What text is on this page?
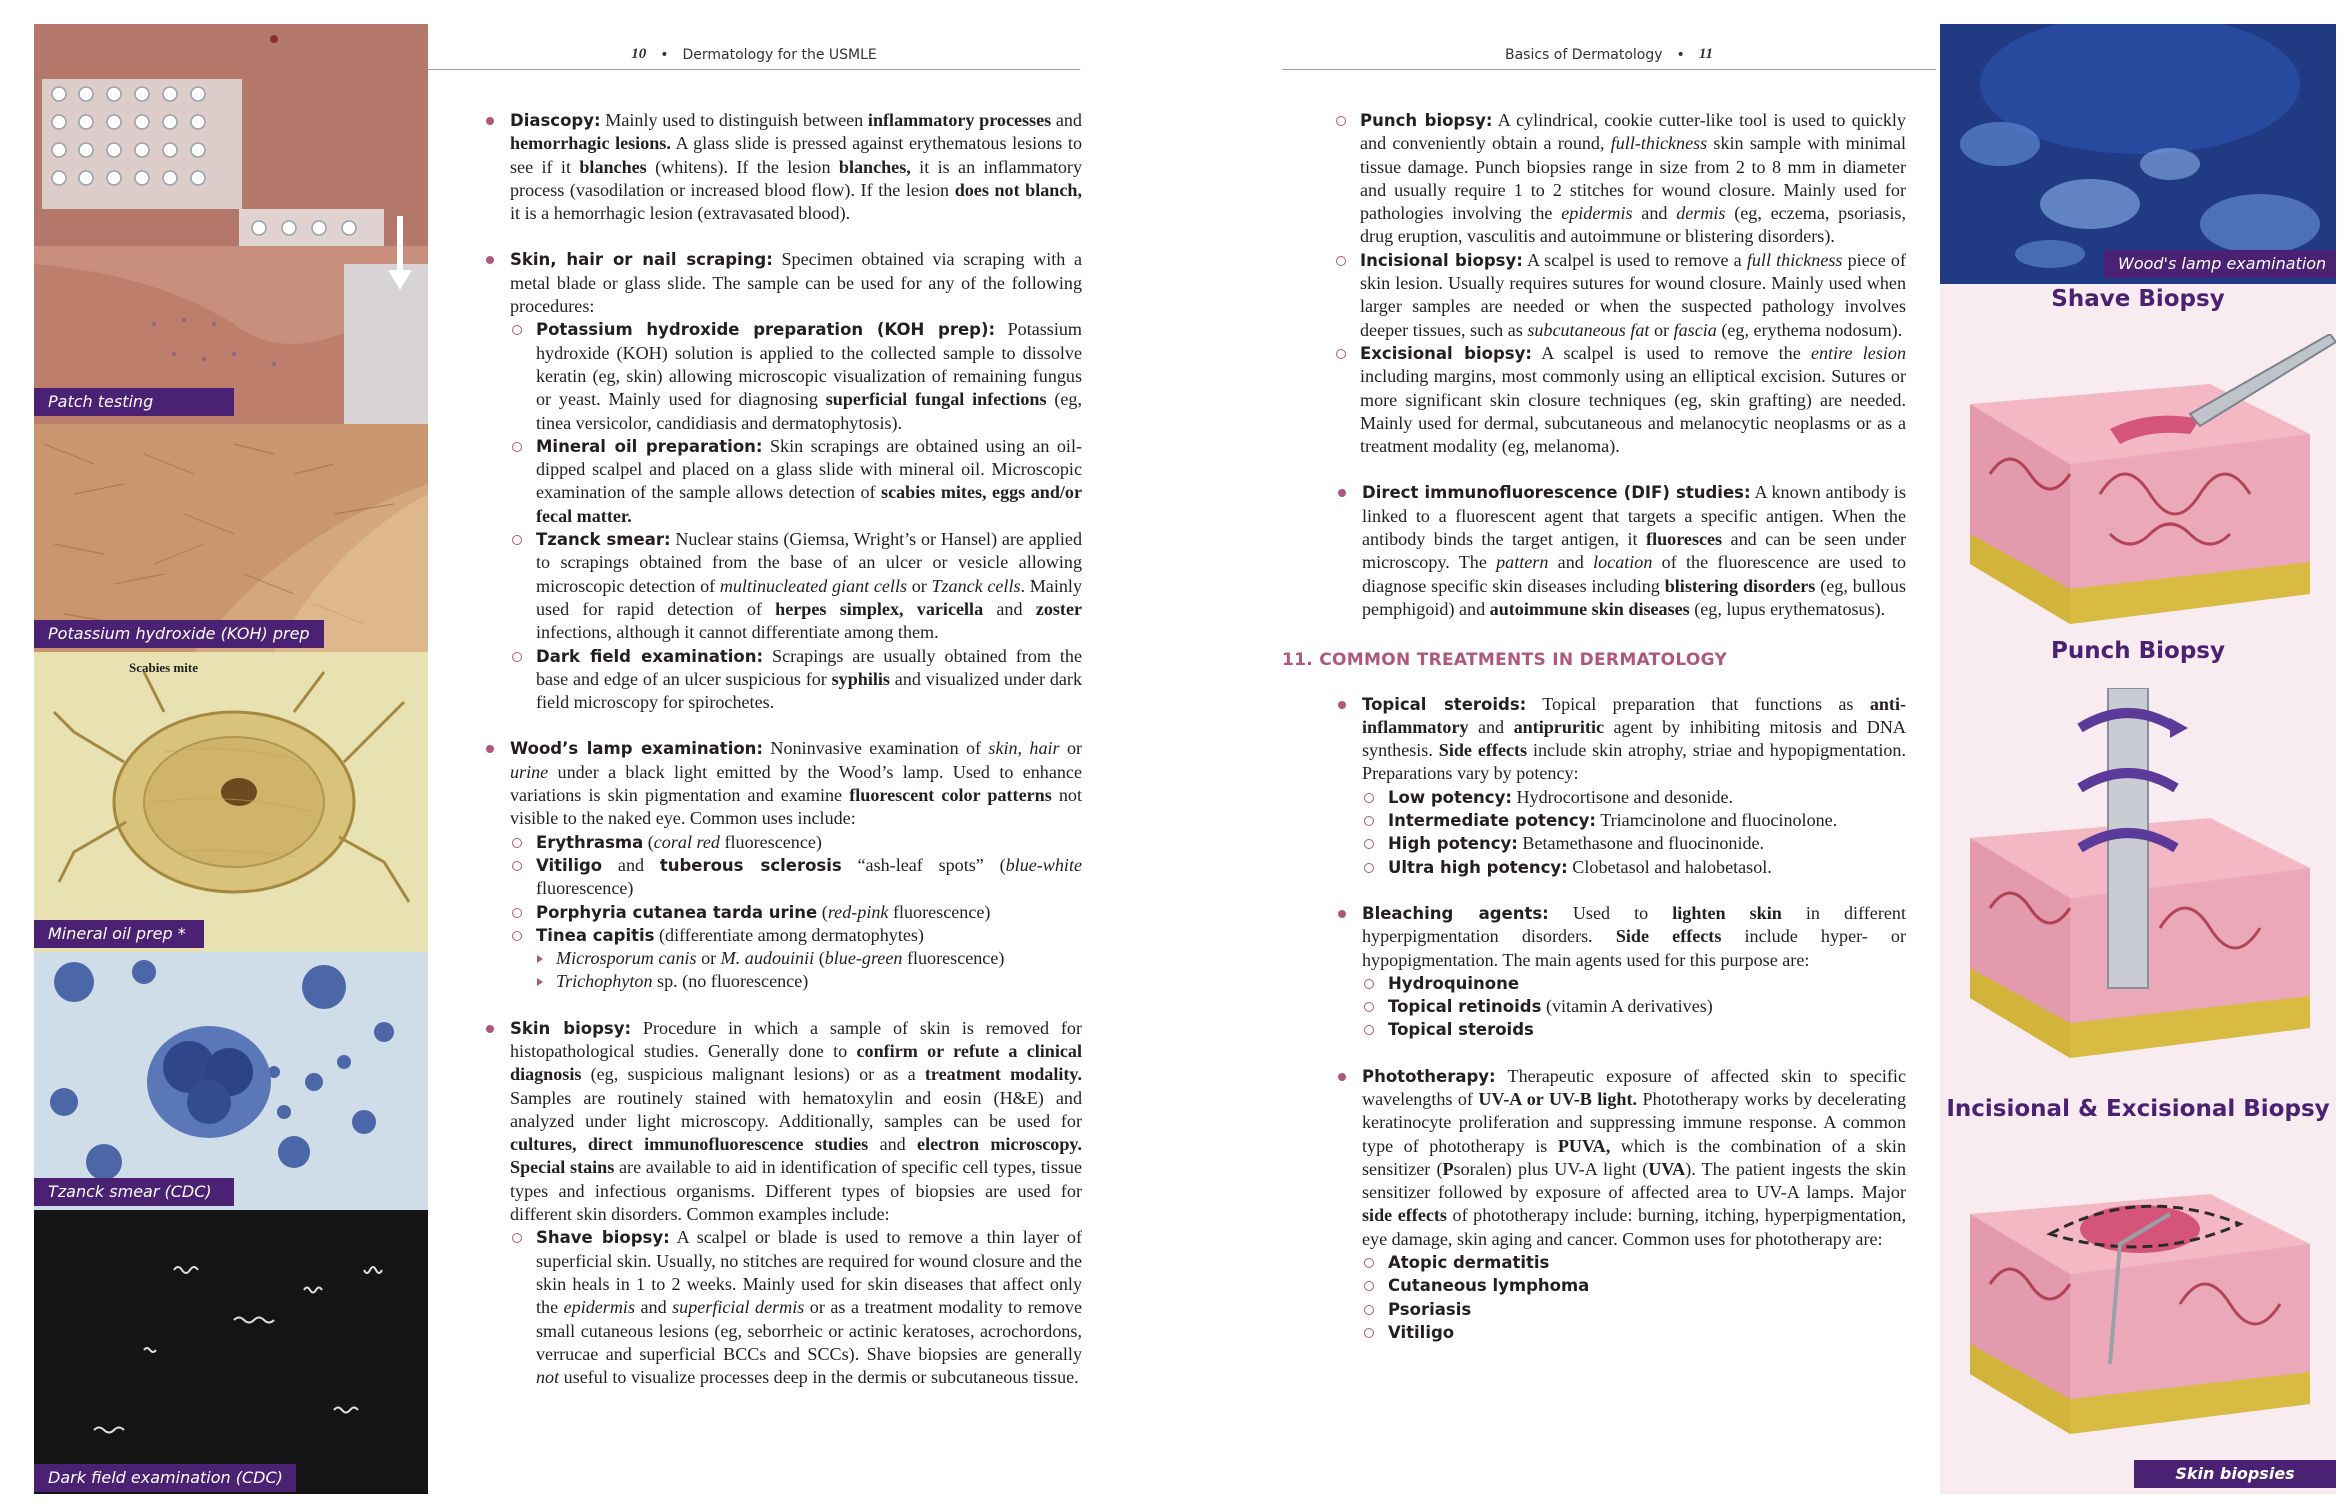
Patch testing
Potassium hydroxide (KOH) prep
Scabies mite
Mineral oil prep *
Tzanck smear (CDC)
Dark field examination (CDC)
10 • Dermatology for the USMLE

Diascopy: Mainly used to distinguish between inflammatory processes and hemorrhagic lesions. A glass slide is pressed against erythematous lesions to see if it blanches (whitens). If the lesion blanches, it is an inflammatory process (vasodilation or increased blood flow). If the lesion does not blanch, it is a hemorrhagic lesion (extravasated blood).

Skin, hair or nail scraping: Specimen obtained via scraping with a metal blade or glass slide. The sample can be used for any of the following procedures:

Potassium hydroxide preparation (KOH prep): Potassium hydroxide (KOH) solution is applied to the collected sample to dissolve keratin (eg, skin) allowing microscopic visualization of remaining fungus or yeast. Mainly used for diagnosing superficial fungal infections (eg, tinea versicolor, candidiasis and dermatophytosis).

Mineral oil preparation: Skin scrapings are obtained using an oil-dipped scalpel and placed on a glass slide with mineral oil. Microscopic examination of the sample allows detection of scabies mites, eggs and/or fecal matter.

Tzanck smear: Nuclear stains (Giemsa, Wright’s or Hansel) are applied to scrapings obtained from the base of an ulcer or vesicle allowing microscopic detection of multinucleated giant cells or Tzanck cells. Mainly used for rapid detection of herpes simplex, varicella and zoster infections, although it cannot differentiate among them.

Dark field examination: Scrapings are usually obtained from the base and edge of an ulcer suspicious for syphilis and visualized under dark field microscopy for spirochetes.

Wood’s lamp examination: Noninvasive examination of skin, hair or urine under a black light emitted by the Wood’s lamp. Used to enhance variations is skin pigmentation and examine fluorescent color patterns not visible to the naked eye. Common uses include:

Erythrasma (coral red fluorescence)

Vitiligo and tuberous sclerosis “ash-leaf spots” (blue-white fluorescence)

Porphyria cutanea tarda urine (red-pink fluorescence)

Tinea capitis (differentiate among dermatophytes)

Microsporum canis or M. audouinii (blue-green fluorescence)

Trichophyton sp. (no fluorescence)

Skin biopsy: Procedure in which a sample of skin is removed for histopathological studies. Generally done to confirm or refute a clinical diagnosis (eg, suspicious malignant lesions) or as a treatment modality. Samples are routinely stained with hematoxylin and eosin (H&E) and analyzed under light microscopy. Additionally, samples can be used for cultures, direct immunofluorescence studies and electron microscopy. Special stains are available to aid in identification of specific cell types, tissue types and infectious organisms. Different types of biopsies are used for different skin disorders. Common examples include:

Shave biopsy: A scalpel or blade is used to remove a thin layer of superficial skin. Usually, no stitches are required for wound closure and the skin heals in 1 to 2 weeks. Mainly used for skin diseases that affect only the epidermis and superficial dermis or as a treatment modality to remove small cutaneous lesions (eg, seborrheic or actinic keratoses, acrochordons, verrucae and superficial BCCs and SCCs). Shave biopsies are generally not useful to visualize processes deep in the dermis or subcutaneous tissue.

Basics of Dermatology • 11

Punch biopsy: A cylindrical, cookie cutter-like tool is used to quickly and conveniently obtain a round, full-thickness skin sample with minimal tissue damage. Punch biopsies range in size from 2 to 8 mm in diameter and usually require 1 to 2 stitches for wound closure. Mainly used for pathologies involving the epidermis and dermis (eg, eczema, psoriasis, drug eruption, vasculitis and autoimmune or blistering disorders).

Incisional biopsy: A scalpel is used to remove a full thickness piece of skin lesion. Usually requires sutures for wound closure. Mainly used when larger samples are needed or when the suspected pathology involves deeper tissues, such as subcutaneous fat or fascia (eg, erythema nodosum).

Excisional biopsy: A scalpel is used to remove the entire lesion including margins, most commonly using an elliptical excision. Sutures or more significant skin closure techniques (eg, skin grafting) are needed. Mainly used for dermal, subcutaneous and melanocytic neoplasms or as a treatment modality (eg, melanoma).

Direct immunofluorescence (DIF) studies: A known antibody is linked to a fluorescent agent that targets a specific antigen. When the antibody binds the target antigen, it fluoresces and can be seen under microscopy. The pattern and location of the fluorescence are used to diagnose specific skin diseases including blistering disorders (eg, bullous pemphigoid) and autoimmune skin diseases (eg, lupus erythematosus).

11. COMMON TREATMENTS IN DERMATOLOGY

Topical steroids: Topical preparation that functions as anti-inflammatory and antipruritic agent by inhibiting mitosis and DNA synthesis. Side effects include skin atrophy, striae and hypopigmentation. Preparations vary by potency:

Low potency: Hydrocortisone and desonide.

Intermediate potency: Triamcinolone and fluocinolone.

High potency: Betamethasone and fluocinonide.

Ultra high potency: Clobetasol and halobetasol.

Bleaching agents: Used to lighten skin in different hyperpigmentation disorders. Side effects include hyper- or hypopigmentation. The main agents used for this purpose are:

Hydroquinone

Topical retinoids (vitamin A derivatives)

Topical steroids

Phototherapy: Therapeutic exposure of affected skin to specific wavelengths of UV-A or UV-B light. Phototherapy works by decelerating keratinocyte proliferation and suppressing immune response. A common type of phototherapy is PUVA, which is the combination of a skin sensitizer (Psoralen) plus UV-A light (UVA). The patient ingests the skin sensitizer followed by exposure of affected area to UV-A lamps. Major side effects of phototherapy include: burning, itching, hyperpigmentation, eye damage, skin aging and cancer. Common uses for phototherapy are:

Atopic dermatitis

Cutaneous lymphoma

Psoriasis

Vitiligo

Wood's lamp examination
Shave Biopsy
Punch Biopsy
Incisional & Excisional Biopsy
Skin biopsies
